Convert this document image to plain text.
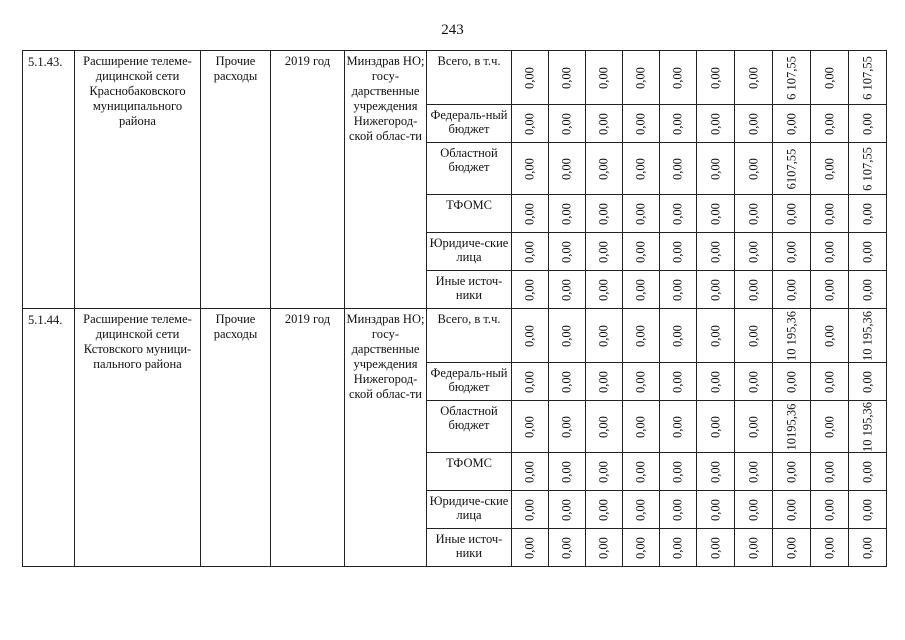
243
5.1.43.	Расширение телеме-дицинской сети Краснобаковского муниципального района	Прочие расходы	2019 год	Минздрав НО; госу-дарственные учреждения Нижегород-ской облас-ти	Всего, в т.ч.	0,00	0,00	0,00	0,00	0,00	0,00	0,00	6 107,55	0,00	6 107,55

					Федераль-ный бюджет	0,00	0,00	0,00	0,00	0,00	0,00	0,00	0,00	0,00	0,00

					Областной бюджет	0,00	0,00	0,00	0,00	0,00	0,00	0,00	6107,55	0,00	6 107,55

					ТФОМС	0,00	0,00	0,00	0,00	0,00	0,00	0,00	0,00	0,00	0,00

					Юридиче-ские лица	0,00	0,00	0,00	0,00	0,00	0,00	0,00	0,00	0,00	0,00

					Иные источ-ники	0,00	0,00	0,00	0,00	0,00	0,00	0,00	0,00	0,00	0,00

5.1.44.	Расширение телеме-дицинской сети Кстовского муници-пального района	Прочие расходы	2019 год	Минздрав НО; госу-дарственные учреждения Нижегород-ской облас-ти	Всего, в т.ч.	0,00	0,00	0,00	0,00	0,00	0,00	0,00	10 195,36	0,00	10 195,36

					Федераль-ный бюджет	0,00	0,00	0,00	0,00	0,00	0,00	0,00	0,00	0,00	0,00

					Областной бюджет	0,00	0,00	0,00	0,00	0,00	0,00	0,00	10195,36	0,00	10 195,36

					ТФОМС	0,00	0,00	0,00	0,00	0,00	0,00	0,00	0,00	0,00	0,00

					Юридиче-ские лица	0,00	0,00	0,00	0,00	0,00	0,00	0,00	0,00	0,00	0,00

					Иные источ-ники	0,00	0,00	0,00	0,00	0,00	0,00	0,00	0,00	0,00	0,00
